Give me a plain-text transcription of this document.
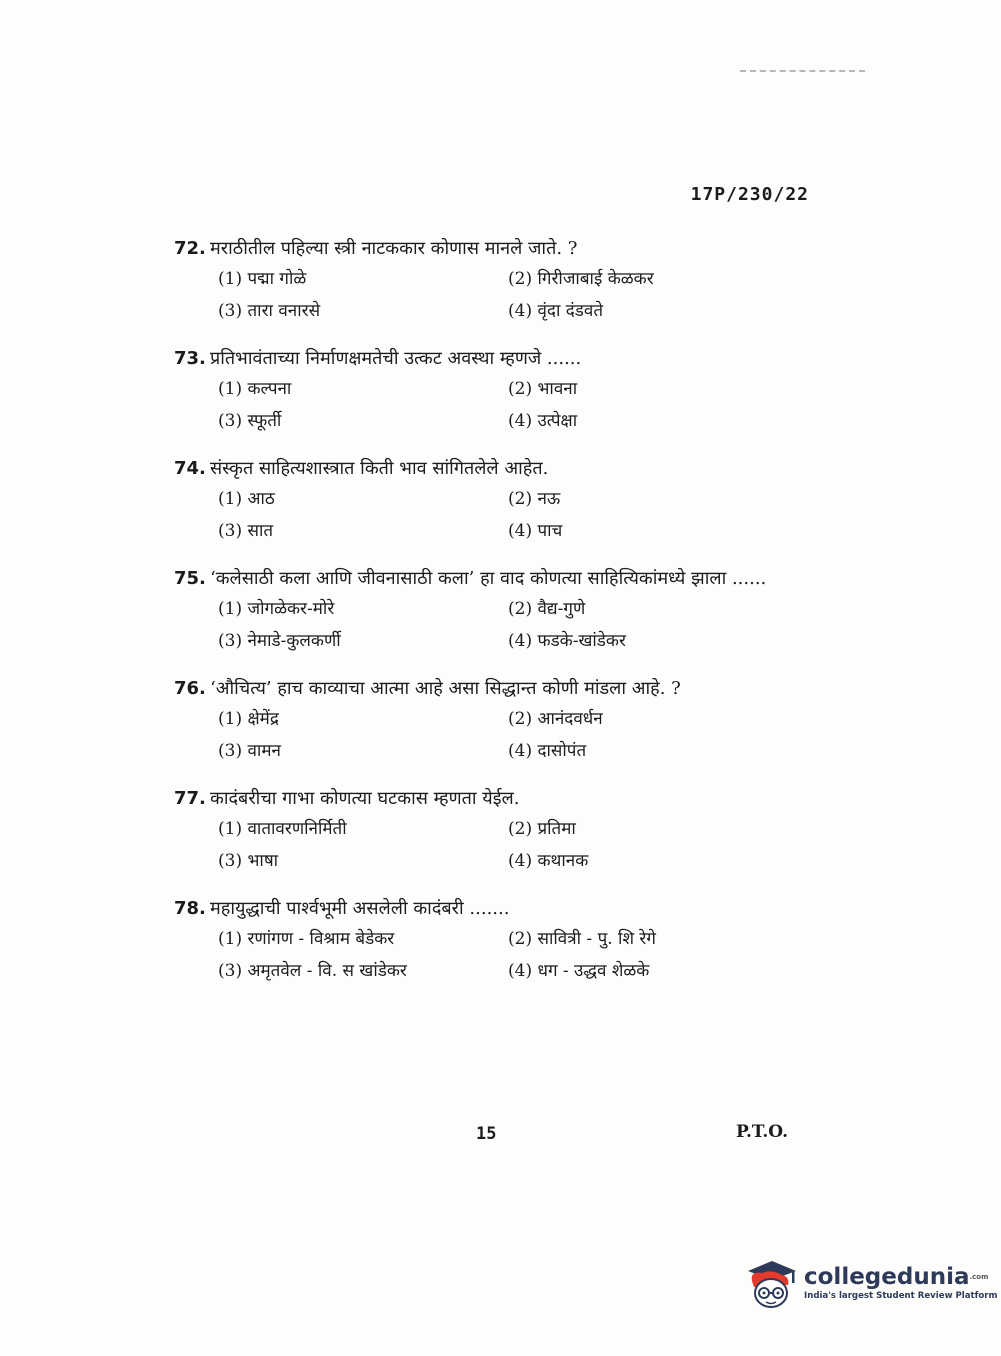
17P/230/22
72. मराठीतील पहिल्या स्त्री नाटककार कोणास मानले जाते. ?
(1) पद्मा गोळे	(2) गिरीजाबाई केळकर
(3) तारा वनारसे	(4) वृंदा दंडवते
73. प्रतिभावंताच्या निर्माणक्षमतेची उत्कट अवस्था म्हणजे ......
(1) कल्पना	(2) भावना
(3) स्फूर्ती	(4) उत्पेक्षा
74. संस्कृत साहित्यशास्त्रात किती भाव सांगितलेले आहेत.
(1) आठ	(2) नऊ
(3) सात	(4) पाच
75. ‘कलेसाठी कला आणि जीवनासाठी कला’ हा वाद कोणत्या साहित्यिकांमध्ये झाला ......
(1) जोगळेकर-मोरे	(2) वैद्य-गुणे
(3) नेमाडे-कुलकर्णी	(4) फडके-खांडेकर
76. ‘औचित्य’ हाच काव्याचा आत्मा आहे असा सिद्धान्त कोणी मांडला आहे. ?
(1) क्षेमेंद्र	(2) आनंदवर्धन
(3) वामन	(4) दासोपंत
77. कादंबरीचा गाभा कोणत्या घटकास म्हणता येईल.
(1) वातावरणनिर्मिती	(2) प्रतिमा
(3) भाषा	(4) कथानक
78. महायुद्धाची पार्श्वभूमी असलेली कादंबरी .......
(1) रणांगण - विश्राम बेडेकर	(2) सावित्री - पु. शि रेगे
(3) अमृतवेल - वि. स खांडेकर	(4) धग - उद्धव शेळके
15	P.T.O.
collegedunia$^{.com}$
India's largest Student Review Platform
